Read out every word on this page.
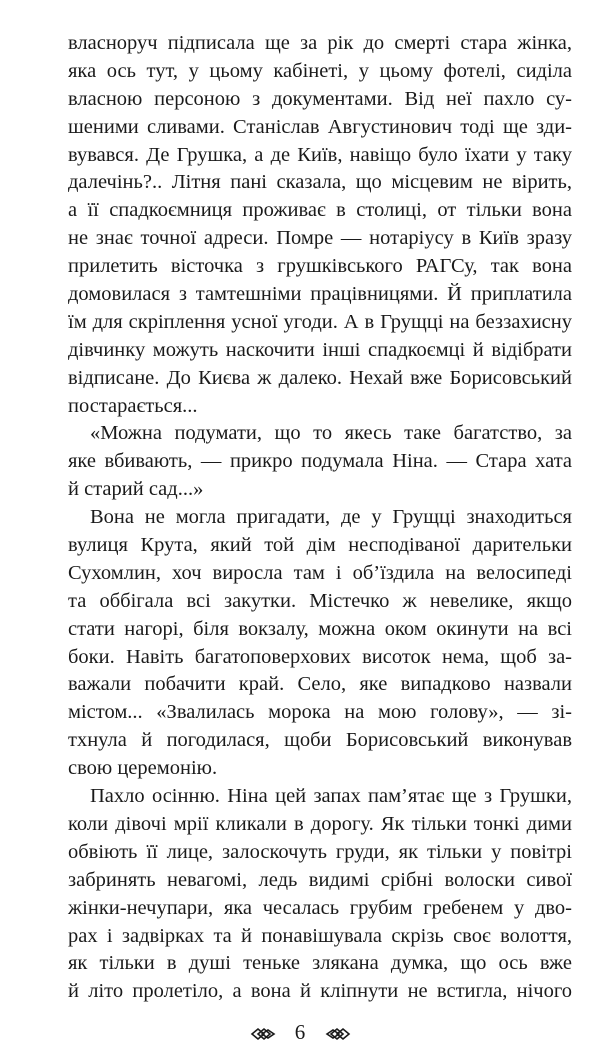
власноруч підписала ще за рік до смерті стара жінка,
яка ось тут, у цьому кабінеті, у цьому фотелі, сиділа
власною персоною з документами. Від неї пахло су-
шеними сливами. Станіслав Августинович тоді ще зди-
вувався. Де Грушка, а де Київ, навіщо було їхати у таку
далечінь?.. Літня пані сказала, що місцевим не вірить,
а її спадкоємниця проживає в столиці, от тільки вона
не знає точної адреси. Помре — нотаріусу в Київ зразу
прилетить вісточка з грушківського РАГСу, так вона
домовилася з тамтешніми працівницями. Й приплатила
їм для скріплення усної угоди. А в Грущці на беззахисну
дівчинку можуть наскочити інші спадкоємці й відібрати
відписане. До Києва ж далеко. Нехай вже Борисовський
постарається...
«Можна подумати, що то якесь таке багатство, за
яке вбивають, — прикро подумала Ніна. — Стара хата
й старий сад...»
Вона не могла пригадати, де у Грущці знаходиться
вулиця Крута, який той дім несподіваної дарительки
Сухомлин, хоч виросла там і об’їздила на велосипеді
та оббігала всі закутки. Містечко ж невелике, якщо
стати нагорі, біля вокзалу, можна оком окинути на всі
боки. Навіть багатоповерхових висоток нема, щоб за-
важали побачити край. Село, яке випадково назвали
містом... «Звалилась морока на мою голову», — зі-
тхнула й погодилася, щоби Борисовський виконував
свою церемонію.
Пахло осінню. Ніна цей запах пам’ятає ще з Грушки,
коли дівочі мрії кликали в дорогу. Як тільки тонкі дими
обвіють її лице, залоскочуть груди, як тільки у повітрі
забринять невагомі, ледь видимі срібні волоски сивої
жінки-нечупари, яка чесалась грубим гребенем у дво-
рах і задвірках та й понавішувала скрізь своє волоття,
як тільки в душі теньке злякана думка, що ось вже
й літо пролетіло, а вона й кліпнути не встигла, нічого
6
